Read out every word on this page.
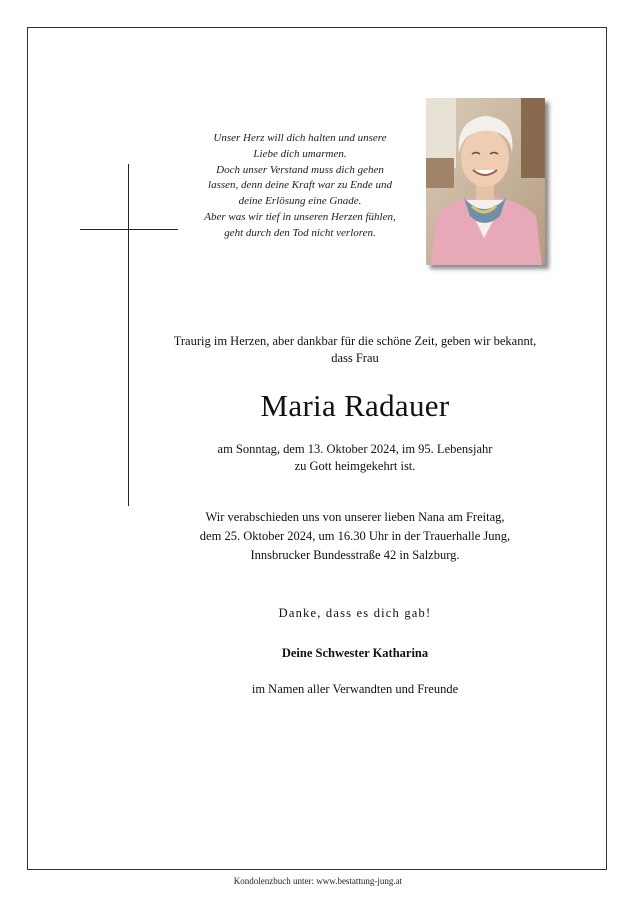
Unser Herz will dich halten und unsere
Liebe dich umarmen.
Doch unser Verstand muss dich gehen
lassen, denn deine Kraft war zu Ende und
deine Erlösung eine Gnade.
Aber was wir tief in unseren Herzen fühlen,
geht durch den Tod nicht verloren.
Traurig im Herzen, aber dankbar für die schöne Zeit, geben wir bekannt,
dass Frau
Maria Radauer
am Sonntag, dem 13. Oktober 2024, im 95. Lebensjahr
zu Gott heimgekehrt ist.
Wir verabschieden uns von unserer lieben Nana am Freitag,
dem 25. Oktober 2024, um 16.30 Uhr in der Trauerhalle Jung,
Innsbrucker Bundesstraße 42 in Salzburg.
Danke, dass es dich gab!
Deine Schwester Katharina
im Namen aller Verwandten und Freunde
Kondolenzbuch unter: www.bestattung-jung.at
